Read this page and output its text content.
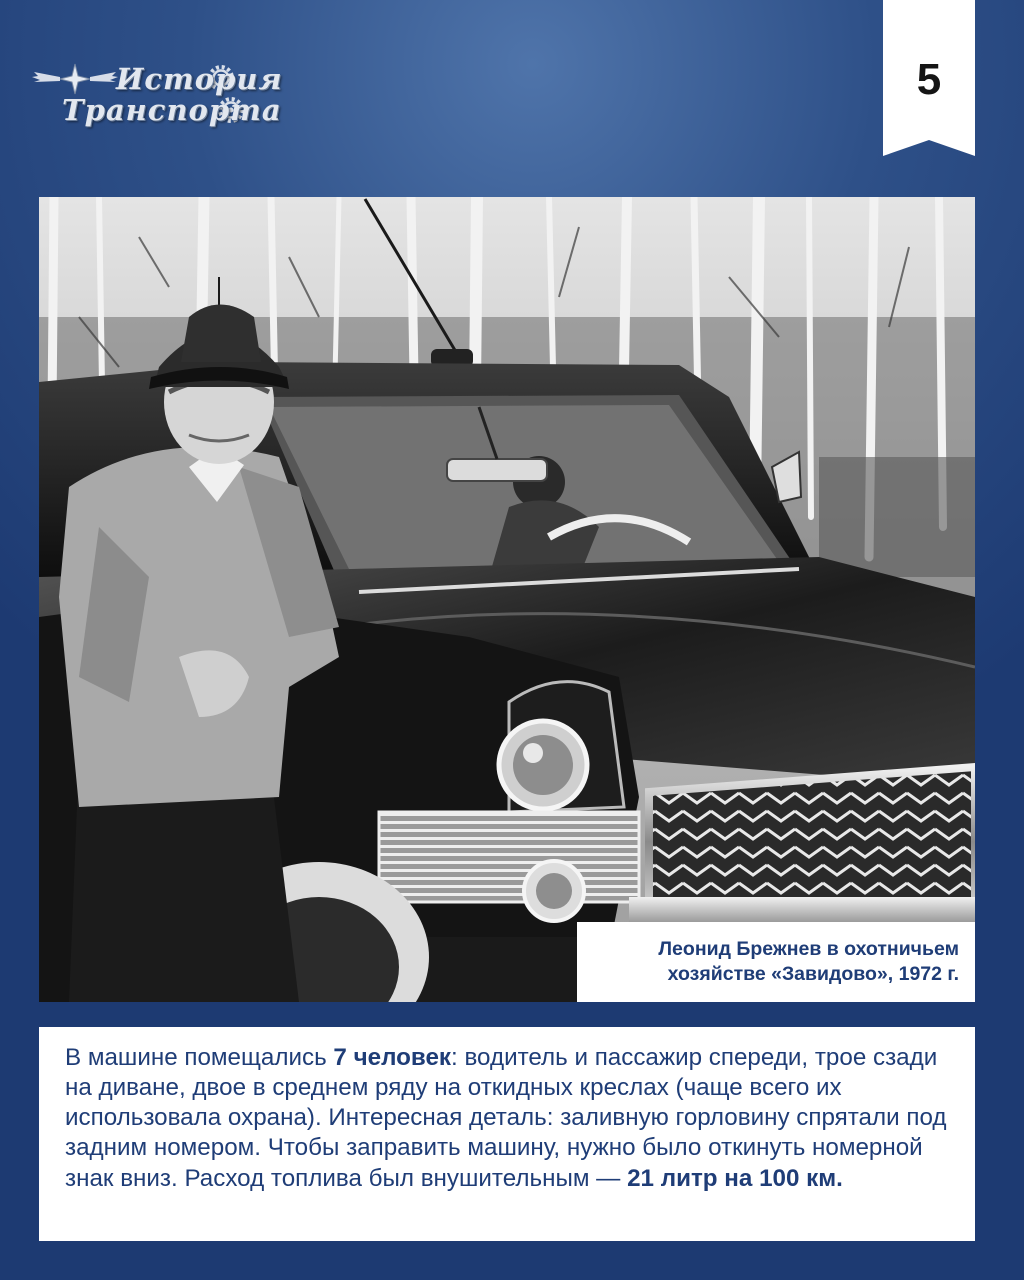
История
Транспорта
5
Леонид Брежнев в охотничьем
хозяйстве «Завидово», 1972 г.

В машине помещались 7 человек: водитель и пассажир спереди, трое сзади на диване, двое в среднем ряду на откидных креслах (чаще всего их использовала охрана). Интересная деталь: заливную горловину спрятали под задним номером. Чтобы заправить машину, нужно было откинуть номерной знак вниз. Расход топлива был внушительным — 21 литр на 100 км.
